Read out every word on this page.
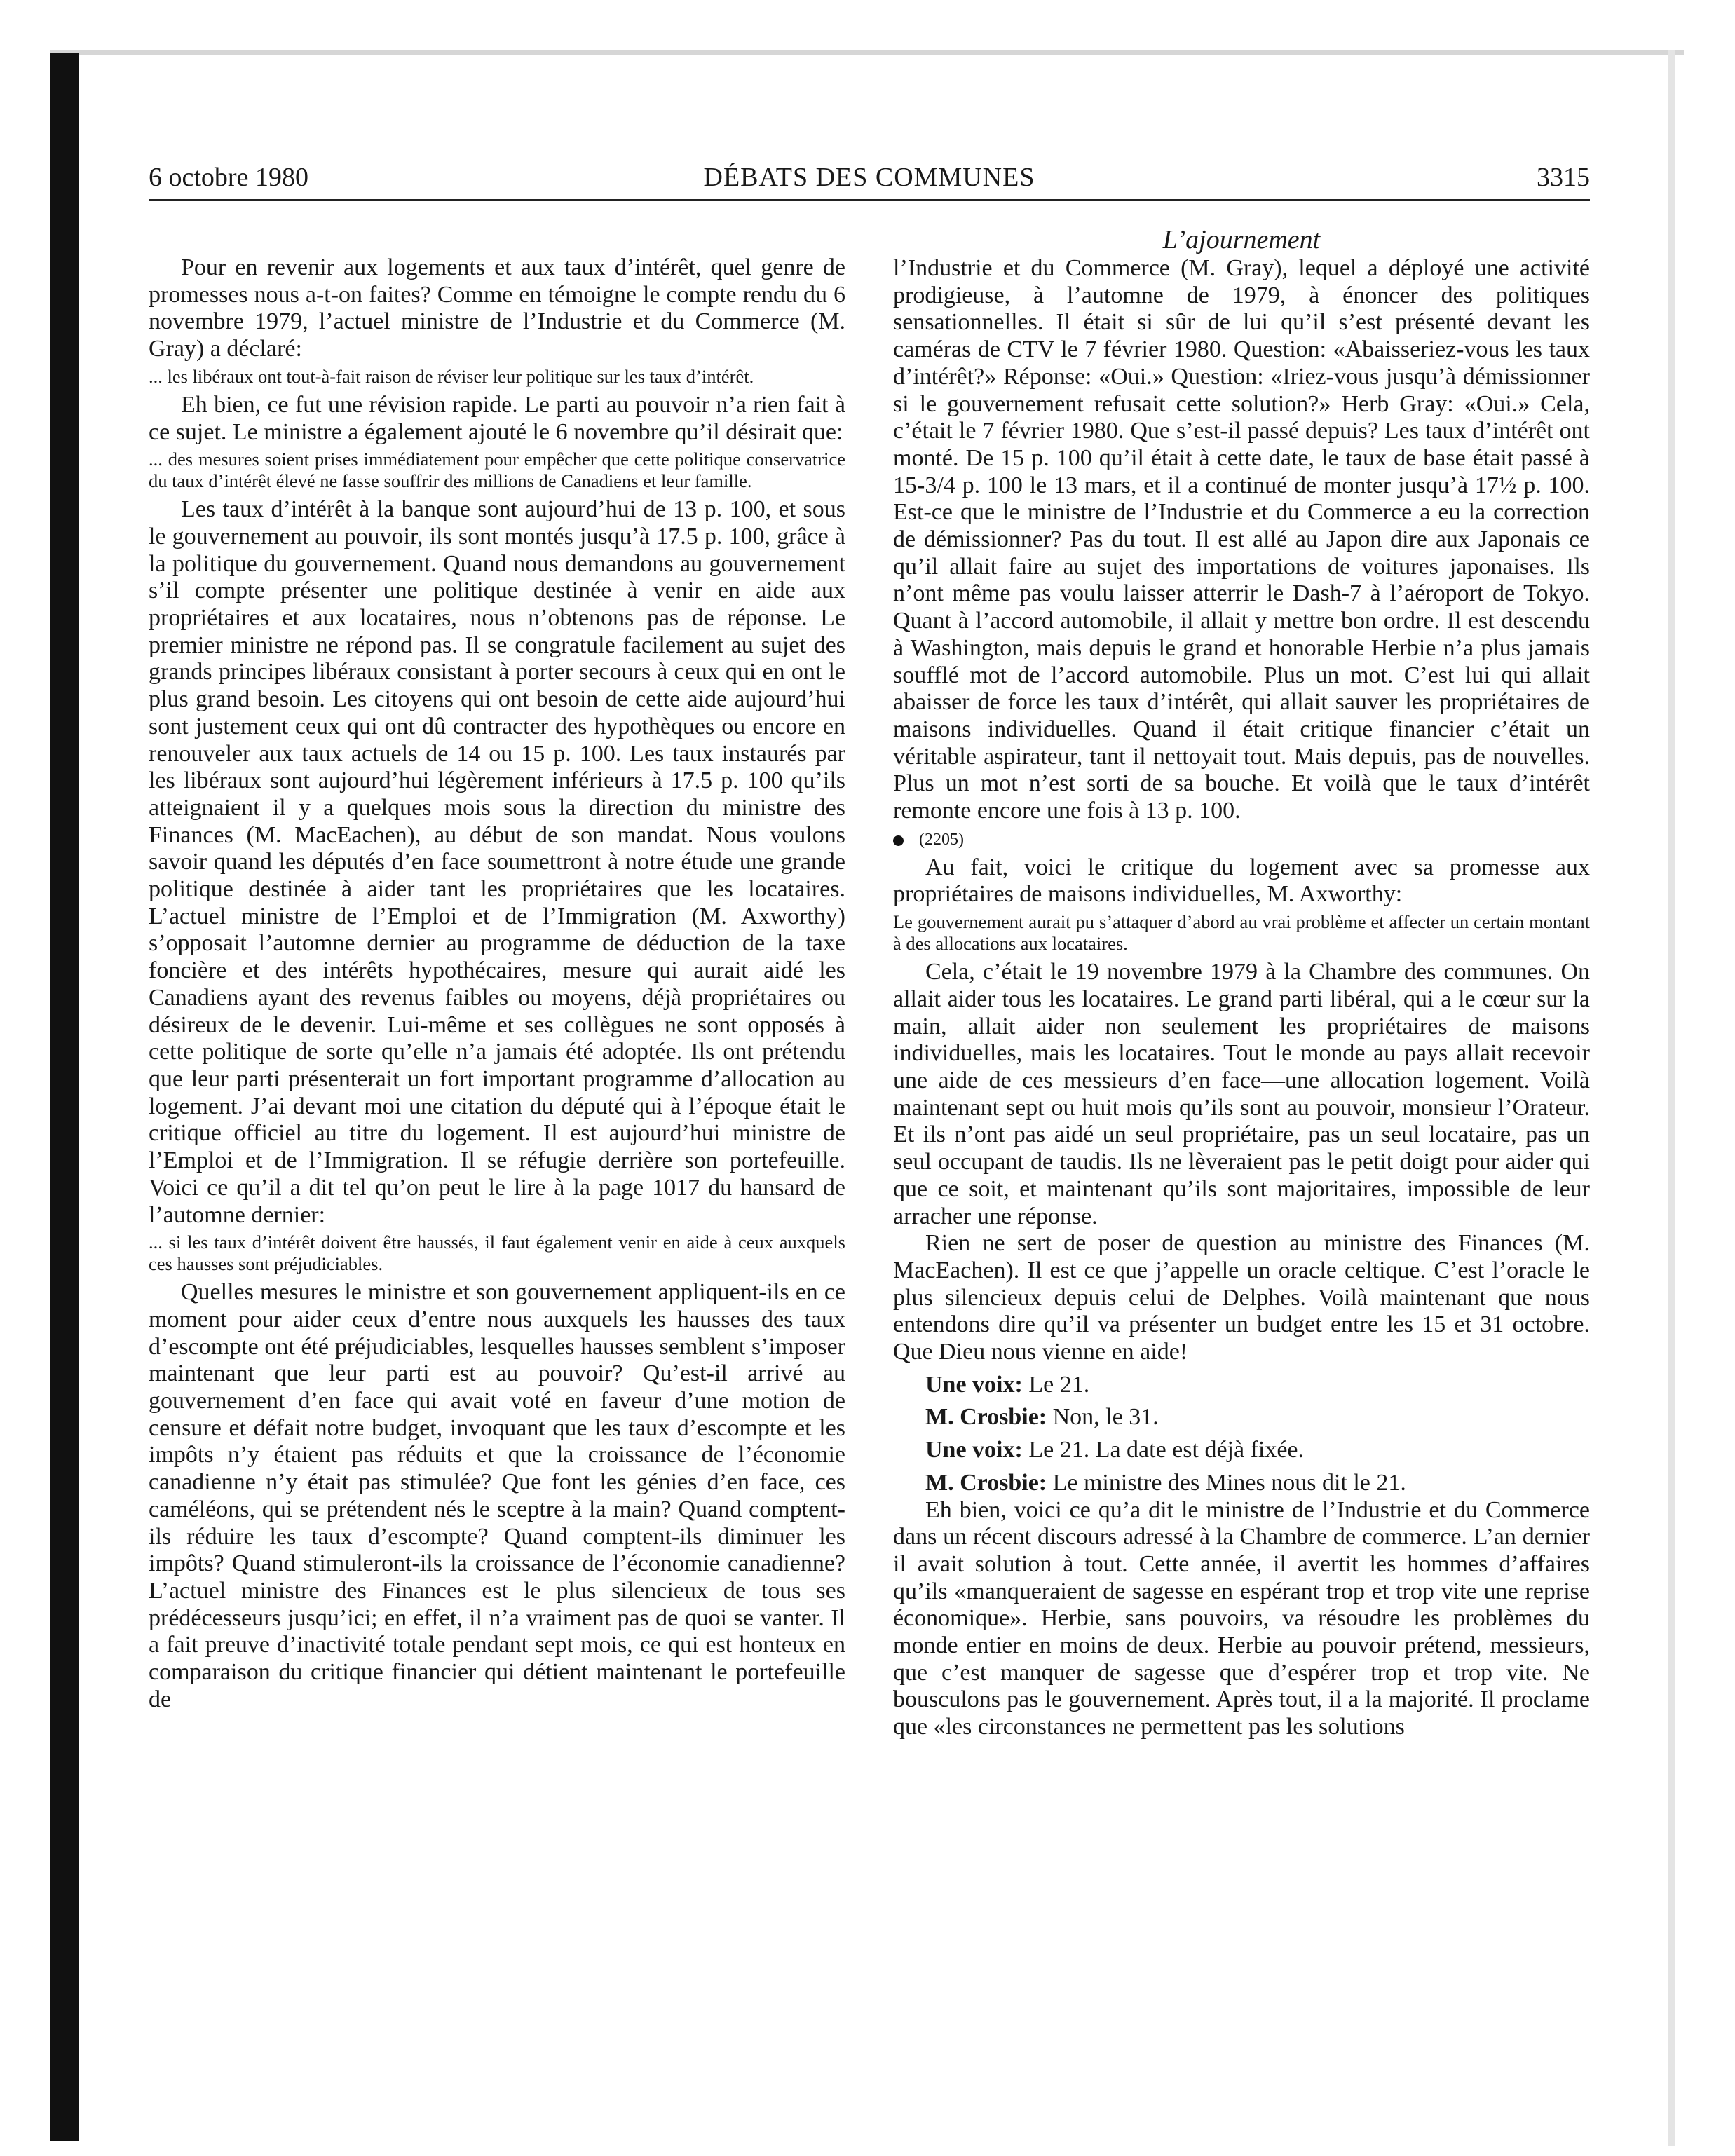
6 octobre 1980	DÉBATS DES COMMUNES	3315

Pour en revenir aux logements et aux taux d’intérêt, quel genre de promesses nous a-t-on faites? Comme en témoigne le compte rendu du 6 novembre 1979, l’actuel ministre de l’Industrie et du Commerce (M. Gray) a déclaré:

... les libéraux ont tout-à-fait raison de réviser leur politique sur les taux d’intérêt.

Eh bien, ce fut une révision rapide. Le parti au pouvoir n’a rien fait à ce sujet. Le ministre a également ajouté le 6 novembre qu’il désirait que:

... des mesures soient prises immédiatement pour empêcher que cette politique conservatrice du taux d’intérêt élevé ne fasse souffrir des millions de Canadiens et leur famille.

Les taux d’intérêt à la banque sont aujourd’hui de 13 p. 100, et sous le gouvernement au pouvoir, ils sont montés jusqu’à 17.5 p. 100, grâce à la politique du gouvernement. Quand nous demandons au gouvernement s’il compte présenter une politique destinée à venir en aide aux propriétaires et aux locataires, nous n’obtenons pas de réponse. Le premier ministre ne répond pas. Il se congratule facilement au sujet des grands principes libéraux consistant à porter secours à ceux qui en ont le plus grand besoin. Les citoyens qui ont besoin de cette aide aujourd’hui sont justement ceux qui ont dû contracter des hypothèques ou encore en renouveler aux taux actuels de 14 ou 15 p. 100. Les taux instaurés par les libéraux sont aujourd’hui légèrement inférieurs à 17.5 p. 100 qu’ils atteignaient il y a quelques mois sous la direction du ministre des Finances (M. MacEachen), au début de son mandat. Nous voulons savoir quand les députés d’en face soumettront à notre étude une grande politique destinée à aider tant les propriétaires que les locataires. L’actuel ministre de l’Emploi et de l’Immigration (M. Axworthy) s’opposait l’automne dernier au programme de déduction de la taxe foncière et des intérêts hypothécaires, mesure qui aurait aidé les Canadiens ayant des revenus faibles ou moyens, déjà propriétaires ou désireux de le devenir. Lui-même et ses collègues ne sont opposés à cette politique de sorte qu’elle n’a jamais été adoptée. Ils ont prétendu que leur parti présenterait un fort important programme d’allocation au logement. J’ai devant moi une citation du député qui à l’époque était le critique officiel au titre du logement. Il est aujourd’hui ministre de l’Emploi et de l’Immigration. Il se réfugie derrière son portefeuille. Voici ce qu’il a dit tel qu’on peut le lire à la page 1017 du hansard de l’automne dernier:

... si les taux d’intérêt doivent être haussés, il faut également venir en aide à ceux auxquels ces hausses sont préjudiciables.

Quelles mesures le ministre et son gouvernement appliquent-ils en ce moment pour aider ceux d’entre nous auxquels les hausses des taux d’escompte ont été préjudiciables, lesquelles hausses semblent s’imposer maintenant que leur parti est au pouvoir? Qu’est-il arrivé au gouvernement d’en face qui avait voté en faveur d’une motion de censure et défait notre budget, invoquant que les taux d’escompte et les impôts n’y étaient pas réduits et que la croissance de l’économie canadienne n’y était pas stimulée? Que font les génies d’en face, ces caméléons, qui se prétendent nés le sceptre à la main? Quand comptent-ils réduire les taux d’escompte? Quand comptent-ils diminuer les impôts? Quand stimuleront-ils la croissance de l’économie canadienne? L’actuel ministre des Finances est le plus silencieux de tous ses prédécesseurs jusqu’ici; en effet, il n’a vraiment pas de quoi se vanter. Il a fait preuve d’inactivité totale pendant sept mois, ce qui est honteux en comparaison du critique financier qui détient maintenant le portefeuille de

L’ajournement

l’Industrie et du Commerce (M. Gray), lequel a déployé une activité prodigieuse, à l’automne de 1979, à énoncer des politiques sensationnelles. Il était si sûr de lui qu’il s’est présenté devant les caméras de CTV le 7 février 1980. Question: «Abaisseriez-vous les taux d’intérêt?» Réponse: «Oui.» Question: «Iriez-vous jusqu’à démissionner si le gouvernement refusait cette solution?» Herb Gray: «Oui.» Cela, c’était le 7 février 1980. Que s’est-il passé depuis? Les taux d’intérêt ont monté. De 15 p. 100 qu’il était à cette date, le taux de base était passé à 15-3/4 p. 100 le 13 mars, et il a continué de monter jusqu’à 17½ p. 100. Est-ce que le ministre de l’Industrie et du Commerce a eu la correction de démissionner? Pas du tout. Il est allé au Japon dire aux Japonais ce qu’il allait faire au sujet des importations de voitures japonaises. Ils n’ont même pas voulu laisser atterrir le Dash-7 à l’aéroport de Tokyo. Quant à l’accord automobile, il allait y mettre bon ordre. Il est descendu à Washington, mais depuis le grand et honorable Herbie n’a plus jamais soufflé mot de l’accord automobile. Plus un mot. C’est lui qui allait abaisser de force les taux d’intérêt, qui allait sauver les propriétaires de maisons individuelles. Quand il était critique financier c’était un véritable aspirateur, tant il nettoyait tout. Mais depuis, pas de nouvelles. Plus un mot n’est sorti de sa bouche. Et voilà que le taux d’intérêt remonte encore une fois à 13 p. 100.

(2205)

Au fait, voici le critique du logement avec sa promesse aux propriétaires de maisons individuelles, M. Axworthy:

Le gouvernement aurait pu s’attaquer d’abord au vrai problème et affecter un certain montant à des allocations aux locataires.

Cela, c’était le 19 novembre 1979 à la Chambre des communes. On allait aider tous les locataires. Le grand parti libéral, qui a le cœur sur la main, allait aider non seulement les propriétaires de maisons individuelles, mais les locataires. Tout le monde au pays allait recevoir une aide de ces messieurs d’en face—une allocation logement. Voilà maintenant sept ou huit mois qu’ils sont au pouvoir, monsieur l’Orateur. Et ils n’ont pas aidé un seul propriétaire, pas un seul locataire, pas un seul occupant de taudis. Ils ne lèveraient pas le petit doigt pour aider qui que ce soit, et maintenant qu’ils sont majoritaires, impossible de leur arracher une réponse.

Rien ne sert de poser de question au ministre des Finances (M. MacEachen). Il est ce que j’appelle un oracle celtique. C’est l’oracle le plus silencieux depuis celui de Delphes. Voilà maintenant que nous entendons dire qu’il va présenter un budget entre les 15 et 31 octobre. Que Dieu nous vienne en aide!

Une voix: Le 21.

M. Crosbie: Non, le 31.

Une voix: Le 21. La date est déjà fixée.

M. Crosbie: Le ministre des Mines nous dit le 21.

Eh bien, voici ce qu’a dit le ministre de l’Industrie et du Commerce dans un récent discours adressé à la Chambre de commerce. L’an dernier il avait solution à tout. Cette année, il avertit les hommes d’affaires qu’ils «manqueraient de sagesse en espérant trop et trop vite une reprise économique». Herbie, sans pouvoirs, va résoudre les problèmes du monde entier en moins de deux. Herbie au pouvoir prétend, messieurs, que c’est manquer de sagesse que d’espérer trop et trop vite. Ne bousculons pas le gouvernement. Après tout, il a la majorité. Il proclame que «les circonstances ne permettent pas les solutions
